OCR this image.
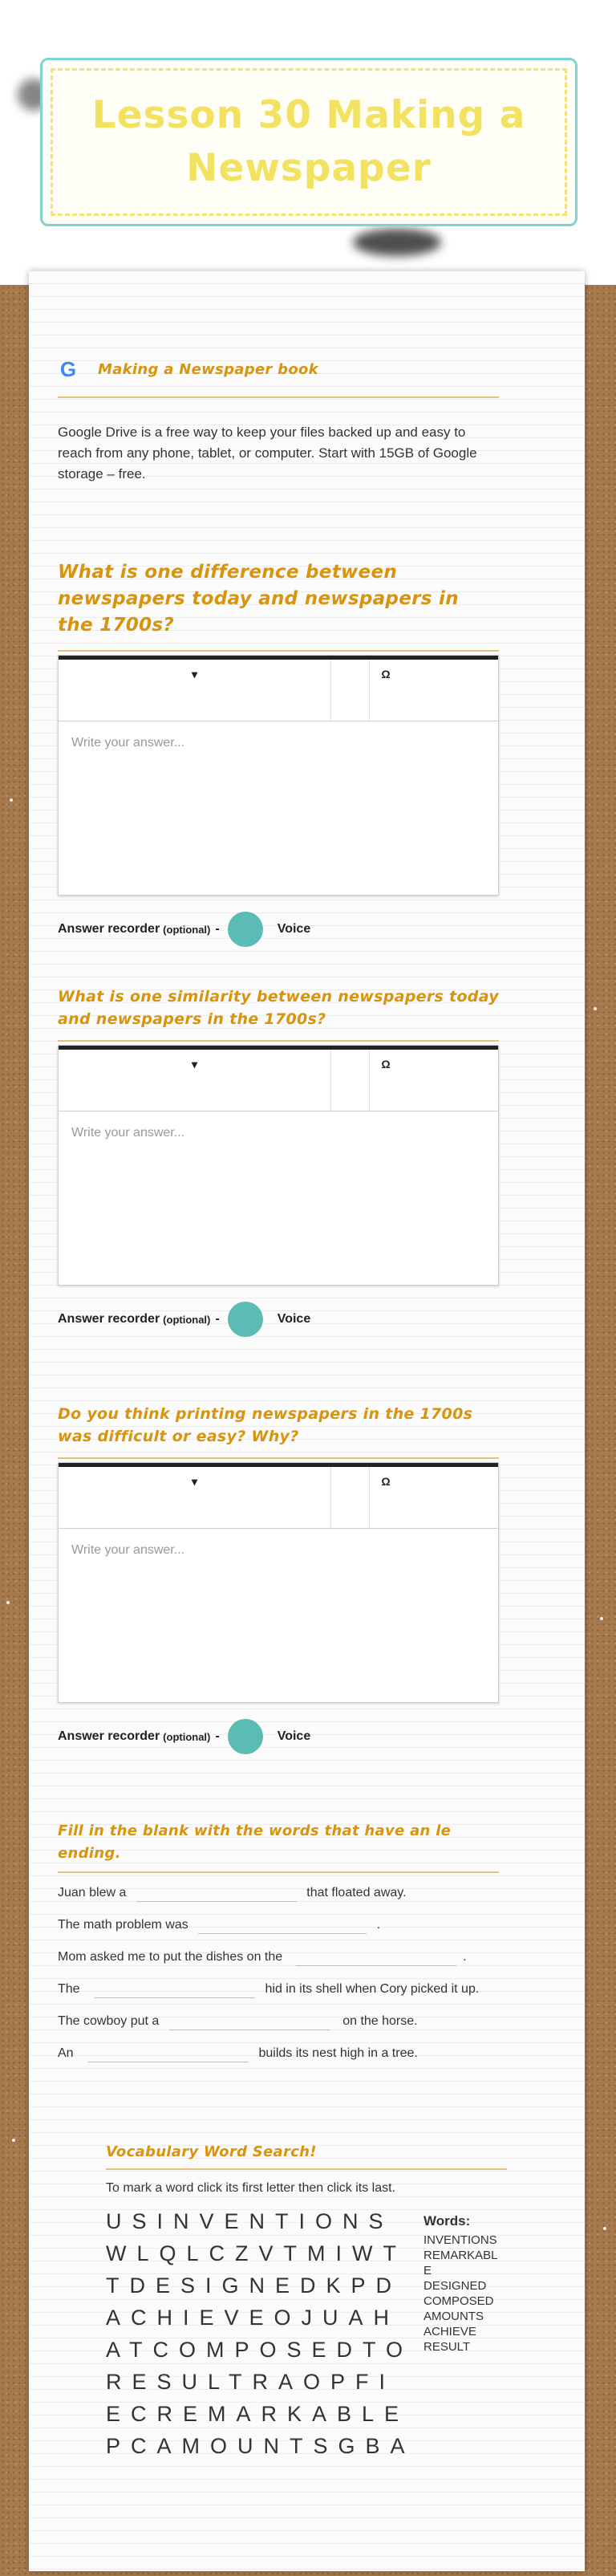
Lesson 30 Making a Newspaper
G Making a Newspaper book

Google Drive is a free way to keep your files backed up and easy to reach from any phone, tablet, or computer. Start with 15GB of Google storage – free.

What is one difference between newspapers today and newspapers in the 1700s?
▾	Ω
Write your answer...
Answer recorder (optional) -	Voice
What is one similarity between newspapers today and newspapers in the 1700s?
▾	Ω
Write your answer...
Answer recorder (optional) -	Voice
Do you think printing newspapers in the 1700s was difficult or easy? Why?
▾	Ω
Write your answer...
Answer recorder (optional) -	Voice
Fill in the blank with the words that have an le ending.
Juan blew a	that floated away.
The math problem was	.
Mom asked me to put the dishes on the	.
The	hid in its shell when Cory picked it up.
The cowboy put a	on the horse.
An	builds its nest high in a tree.
Vocabulary Word Search!

To mark a word click its first letter then click its last.

USINVENTIONS
WLQLCZVTMIWT
TDESIGNEDKPD
ACHIEVEOJUAH
ATCOMPOSEDTO
RESULTRAOPFI
ECREMARKABLE
PCAMOUNTSGBA
Words:
INVENTIONS
REMARKABLE
DESIGNED
COMPOSED
AMOUNTS
ACHIEVE
RESULT
